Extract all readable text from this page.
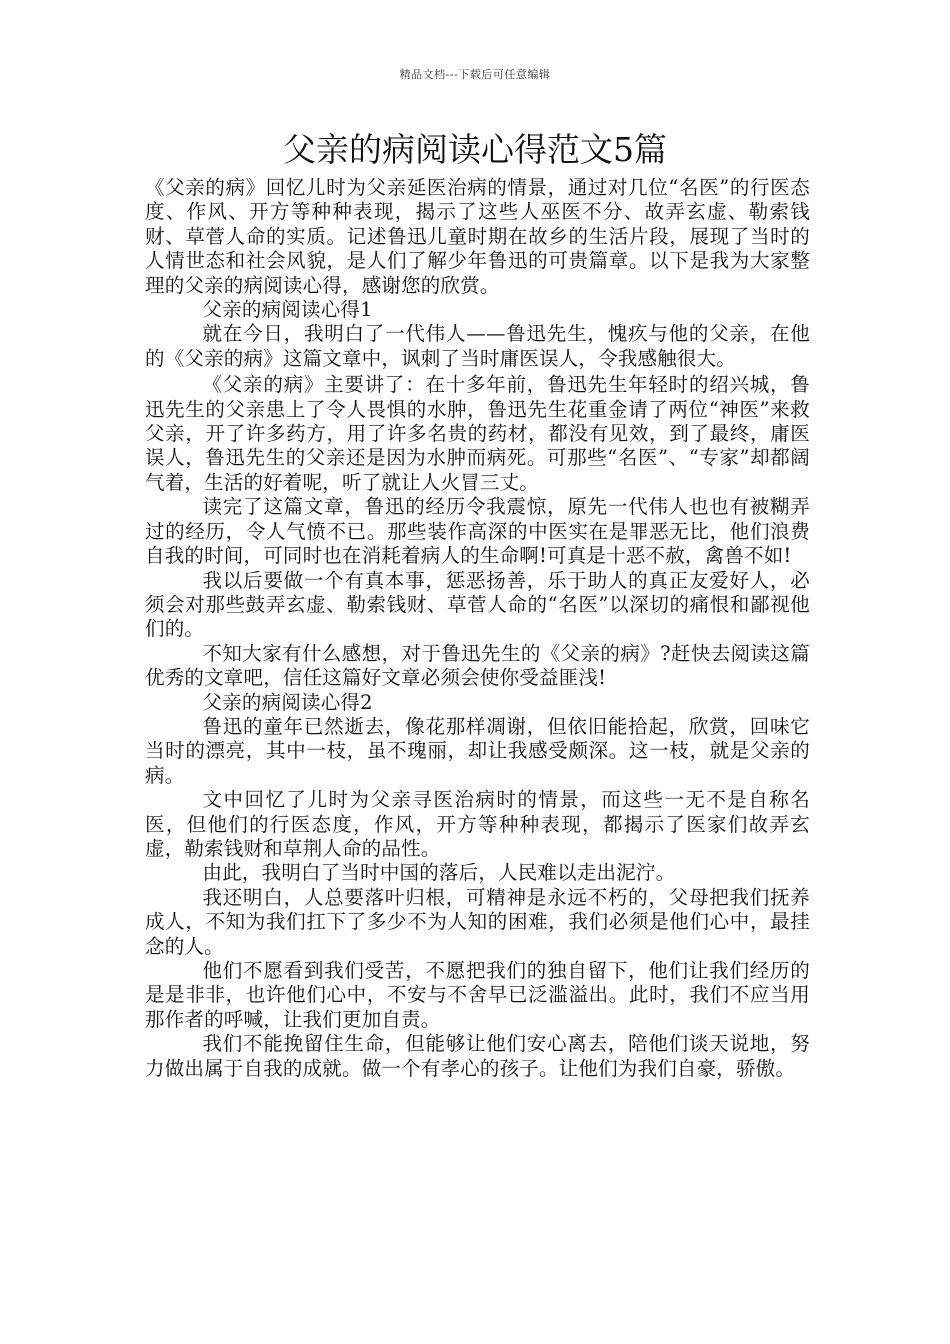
精品文档---下载后可任意编辑
父亲的病阅读心得范文5篇

《父亲的病》回忆儿时为父亲延医治病的情景，通过对几位“名医”的行医态度、作风、开方等种种表现，揭示了这些人巫医不分、故弄玄虚、勒索钱财、草菅人命的实质。记述鲁迅儿童时期在故乡的生活片段，展现了当时的人情世态和社会风貌，是人们了解少年鲁迅的可贵篇章。以下是我为大家整理的父亲的病阅读心得，感谢您的欣赏。

父亲的病阅读心得1

就在今日，我明白了一代伟人——鲁迅先生，愧疚与他的父亲，在他的《父亲的病》这篇文章中，讽刺了当时庸医误人，令我感触很大。

《父亲的病》主要讲了：在十多年前，鲁迅先生年轻时的绍兴城，鲁迅先生的父亲患上了令人畏惧的水肿，鲁迅先生花重金请了两位“神医”来救父亲，开了许多药方，用了许多名贵的药材，都没有见效，到了最终，庸医误人，鲁迅先生的父亲还是因为水肿而病死。可那些“名医”、“专家”却都阔气着，生活的好着呢，听了就让人火冒三丈。

读完了这篇文章，鲁迅的经历令我震惊，原先一代伟人也也有被糊弄过的经历，令人气愤不已。那些装作高深的中医实在是罪恶无比，他们浪费自我的时间，可同时也在消耗着病人的生命啊!可真是十恶不赦，禽兽不如!

我以后要做一个有真本事，惩恶扬善，乐于助人的真正友爱好人，必须会对那些鼓弄玄虚、勒索钱财、草菅人命的“名医”以深切的痛恨和鄙视他们的。

不知大家有什么感想，对于鲁迅先生的《父亲的病》?赶快去阅读这篇优秀的文章吧，信任这篇好文章必须会使你受益匪浅!

父亲的病阅读心得2

鲁迅的童年已然逝去，像花那样凋谢，但依旧能拾起，欣赏，回味它当时的漂亮，其中一枝，虽不瑰丽，却让我感受颇深。这一枝，就是父亲的病。

文中回忆了儿时为父亲寻医治病时的情景，而这些一无不是自称名医，但他们的行医态度，作风，开方等种种表现，都揭示了医家们故弄玄虚，勒索钱财和草荆人命的品性。

由此，我明白了当时中国的落后，人民难以走出泥泞。

我还明白，人总要落叶归根，可精神是永远不朽的，父母把我们抚养成人，不知为我们扛下了多少不为人知的困难，我们必须是他们心中，最挂念的人。

他们不愿看到我们受苦，不愿把我们的独自留下，他们让我们经历的是是非非，也许他们心中，不安与不舍早已泛滥溢出。此时，我们不应当用那作者的呼喊，让我们更加自责。

我们不能挽留住生命，但能够让他们安心离去，陪他们谈天说地，努力做出属于自我的成就。做一个有孝心的孩子。让他们为我们自豪，骄傲。
